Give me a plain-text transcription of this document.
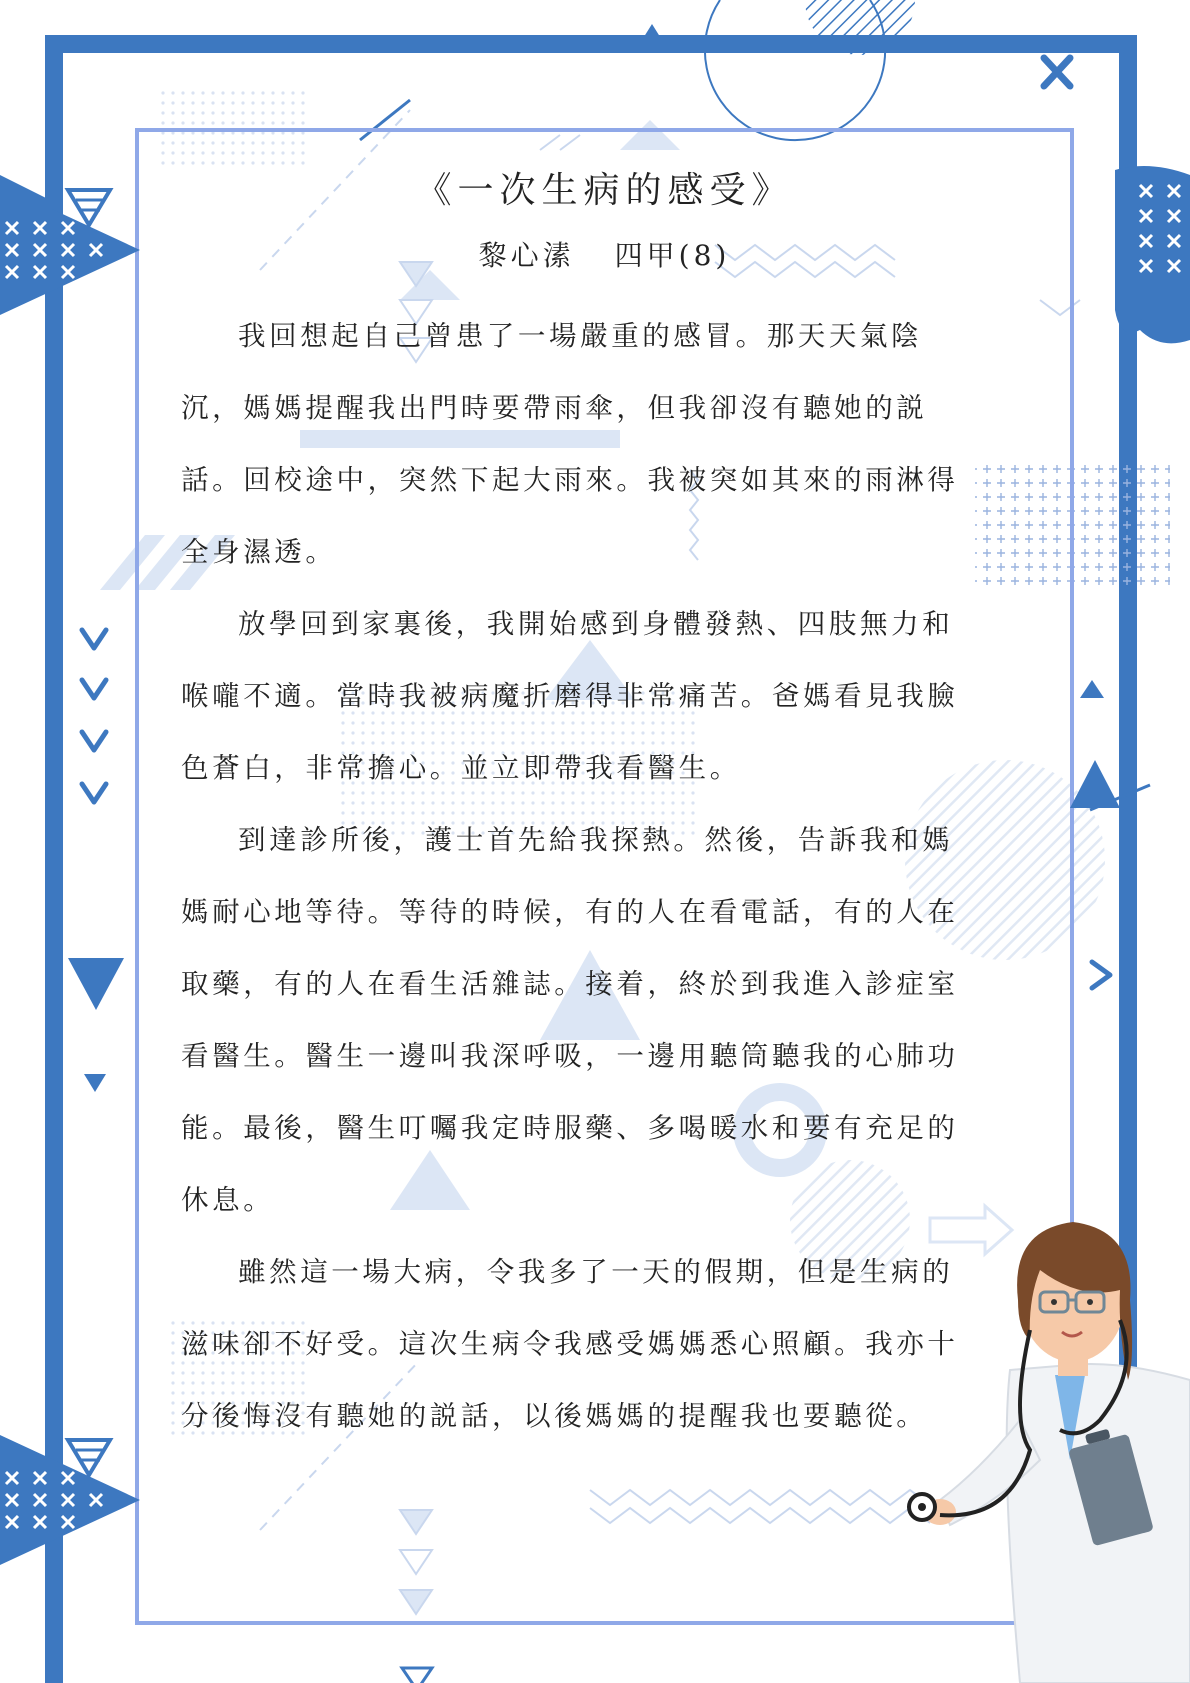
《一次生病的感受》
黎心溸 四甲(8)
我回想起自己曾患了一場嚴重的感冒。那天天氣陰
沉，媽媽提醒我出門時要帶雨傘，但我卻沒有聽她的説
話。回校途中，突然下起大雨來。我被突如其來的雨淋得
全身濕透。
放學回到家裏後，我開始感到身體發熱、四肢無力和
喉嚨不適。當時我被病魔折磨得非常痛苦。爸媽看見我臉
色蒼白，非常擔心。並立即帶我看醫生。
到達診所後，護士首先給我探熱。然後，告訴我和媽
媽耐心地等待。等待的時候，有的人在看電話，有的人在
取藥，有的人在看生活雜誌。接着，終於到我進入診症室
看醫生。醫生一邊叫我深呼吸，一邊用聽筒聽我的心肺功
能。最後，醫生叮囑我定時服藥、多喝暖水和要有充足的
休息。
雖然這一場大病，令我多了一天的假期，但是生病的
滋味卻不好受。這次生病令我感受媽媽悉心照顧。我亦十
分後悔沒有聽她的説話，以後媽媽的提醒我也要聽從。
